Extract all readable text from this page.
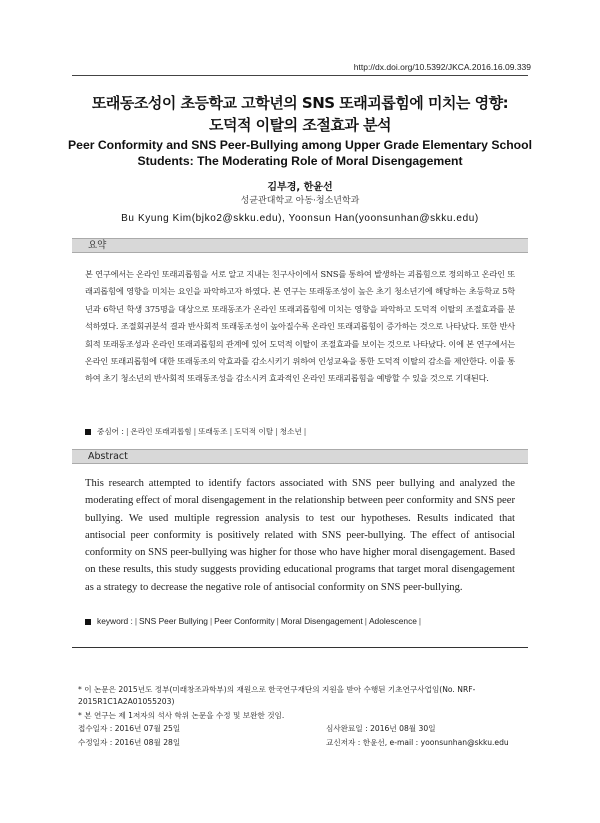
http://dx.doi.org/10.5392/JKCA.2016.16.09.339
또래동조성이 초등학교 고학년의 SNS 또래괴롭힘에 미치는 영향:
도덕적 이탈의 조절효과 분석
Peer Conformity and SNS Peer-Bullying among Upper Grade Elementary School
Students: The Moderating Role of Moral Disengagement
김부경, 한윤선
성균관대학교 아동·청소년학과
Bu Kyung Kim(bjko2@skku.edu), Yoonsun Han(yoonsunhan@skku.edu)
요약
본 연구에서는 온라인 또래괴롭힘을 서로 알고 지내는 친구사이에서 SNS를 통하여 발생하는 괴롭힘으로 정의하고 온라인 또래괴롭힘에 영향을 미치는 요인을 파악하고자 하였다. 본 연구는 또래동조성이 높은 초기 청소년기에 해당하는 초등학교 5학년과 6학년 학생 375명을 대상으로 또래동조가 온라인 또래괴롭힘에 미치는 영향을 파악하고 도덕적 이탈의 조절효과를 분석하였다. 조절회귀분석 결과 반사회적 또래동조성이 높아질수록 온라인 또래괴롭힘이 증가하는 것으로 나타났다. 또한 반사회적 또래동조성과 온라인 또래괴롭힘의 관계에 있어 도덕적 이탈이 조절효과를 보이는 것으로 나타났다. 이에 본 연구에서는 온라인 또래괴롭힘에 대한 또래동조의 악효과를 감소시키기 위하여 인성교육을 통한 도덕적 이탈의 감소를 제안한다. 이를 통하여 초기 청소년의 반사회적 또래동조성을 감소시켜 효과적인 온라인 또래괴롭힘을 예방할 수 있을 것으로 기대된다.
중심어 : | 온라인 또래괴롭힘 | 또래동조 | 도덕적 이탈 | 청소년 |
Abstract
This research attempted to identify factors associated with SNS peer bullying and analyzed the moderating effect of moral disengagement in the relationship between peer conformity and SNS peer bullying. We used multiple regression analysis to test our hypotheses. Results indicated that antisocial peer conformity is positively related with SNS peer-bullying. The effect of antisocial conformity on SNS peer-bullying was higher for those who have higher moral disengagement. Based on these results, this study suggests providing educational programs that target moral disengagement as a strategy to decrease the negative role of antisocial conformity on SNS peer-bullying.
keyword : | SNS Peer Bullying | Peer Conformity | Moral Disengagement | Adolescence |
* 이 논문은 2015년도 정부(미래창조과학부)의 재원으로 한국연구재단의 지원을 받아 수행된 기초연구사업임(No. NRF-2015R1C1A2A01055203)
* 본 연구는 제 1저자의 석사 학위 논문을 수정 및 보완한 것임.
접수일자 : 2016년 07월 25일
수정일자 : 2016년 08월 28일
심사완료일 : 2016년 08월 30일
교신저자 : 한윤선, e-mail : yoonsunhan@skku.edu
